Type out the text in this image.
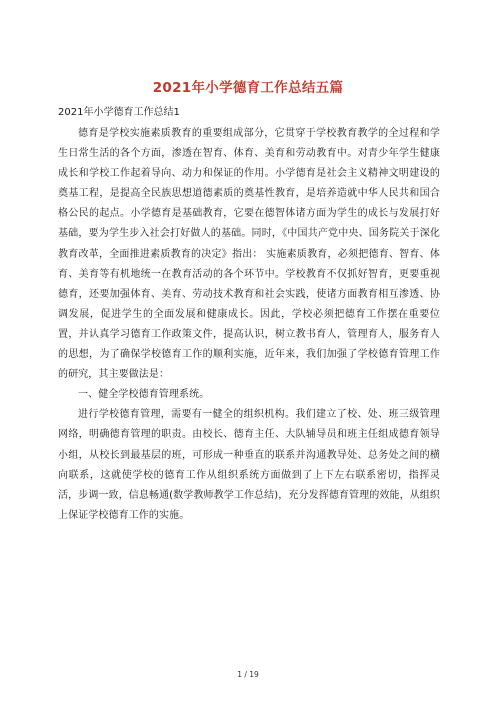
2021年小学德育工作总结五篇
2021年小学德育工作总结1

德育是学校实施素质教育的重要组成部分，它贯穿于学校教育教学的全过程和学生日常生活的各个方面，渗透在智育、体育、美育和劳动教育中。对青少年学生健康成长和学校工作起着导向、动力和保证的作用。小学德育是社会主义精神文明建设的奠基工程，是提高全民族思想道德素质的奠基性教育，是培养造就中华人民共和国合格公民的起点。小学德育是基础教育，它要在德智体诸方面为学生的成长与发展打好基础，要为学生步入社会打好做人的基础。同时，《中国共产党中央、国务院关于深化教育改革，全面推进素质教育的决定》指出： 实施素质教育，必须把德育、智育、体育、美育等有机地统一在教育活动的各个环节中。学校教育不仅抓好智育，更要重视德育，还要加强体育、美育、劳动技术教育和社会实践，使诸方面教育相互渗透、协调发展，促进学生的全面发展和健康成长。因此，学校必须把德育工作摆在重要位置，并认真学习德育工作政策文件，提高认识，树立教书育人，管理育人，服务育人的思想，为了确保学校德育工作的顺利实施，近年来，我们加强了学校德育管理工作的研究，其主要做法是：

一、健全学校德育管理系统。

进行学校德育管理，需要有一健全的组织机构。我们建立了校、处、班三级管理网络，明确德育管理的职责。由校长、德育主任、大队辅导员和班主任组成德育领导小组，从校长到最基层的班，可形成一种垂直的联系并沟通教导处、总务处之间的横向联系，这就使学校的德育工作从组织系统方面做到了上下左右联系密切，指挥灵活，步调一致，信息畅通(数学教师教学工作总结)，充分发挥德育管理的效能，从组织上保证学校德育工作的实施。

1 / 19
